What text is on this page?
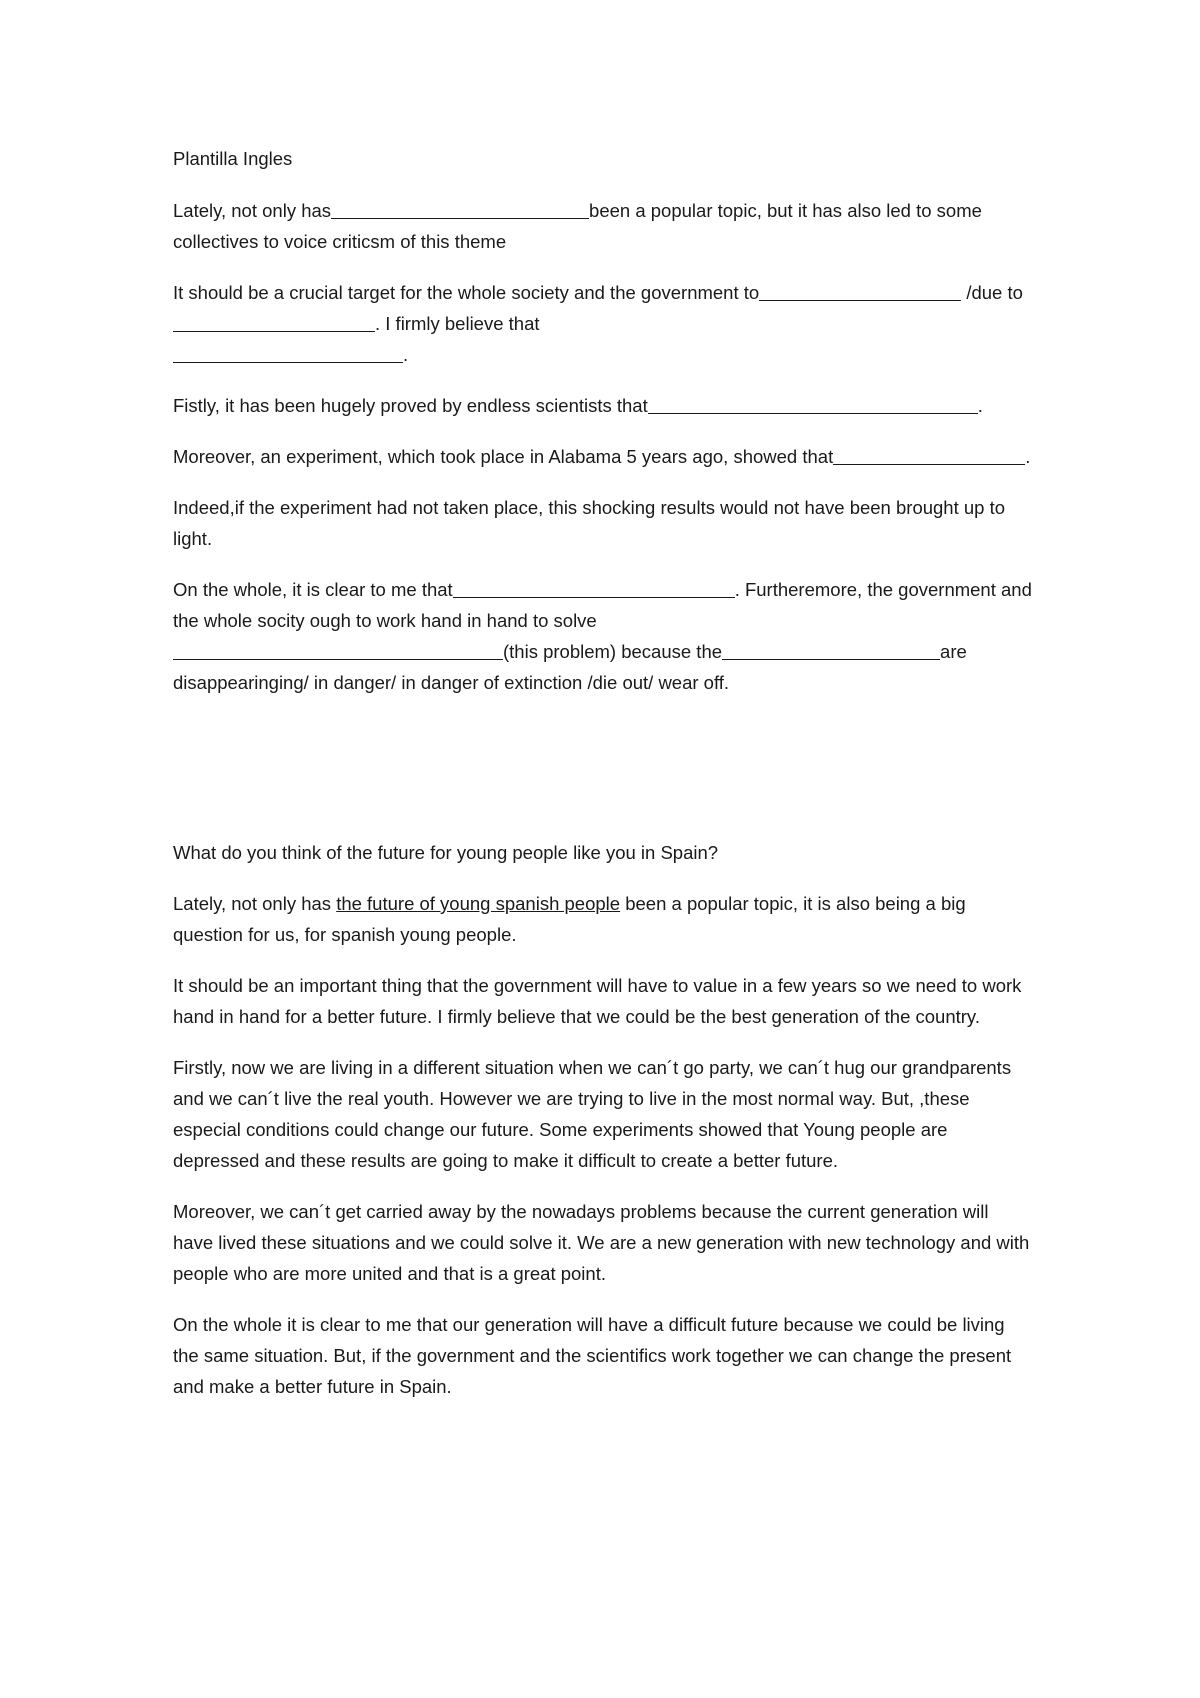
Plantilla Ingles

Lately, not only has	been a popular topic, but it has also led to some collectives to voice criticsm of this theme

It should be a crucial target for the whole society and the government to	/due to. I firmly believe that
.

Fistly, it has been hugely proved by endless scientists that	.

Moreover, an experiment, which took place in Alabama 5 years ago, showed that	.

Indeed,if the experiment had not taken place, this shocking results would not have been brought up to light.

On the whole, it is clear to me that	. Furtheremore, the government and the whole socity ough to work hand in hand to solve
(this problem) because the	are disappearinging/ in danger/ in danger of extinction /die out/ wear off.

What do you think of the future for young people like you in Spain?

Lately, not only has the future of young spanish people been a popular topic, it is also being a big question for us, for spanish young people.

It should be an important thing that the government will have to value in a few years so we need to work hand in hand for a better future. I firmly believe that we could be the best generation of the country.

Firstly, now we are living in a different situation when we can´t go party, we can´t hug our grandparents and we can´t live the real youth. However we are trying to live in the most normal way. But, ,these especial conditions could change our future. Some experiments showed that Young people are depressed and these results are going to make it difficult to create a better future.

Moreover, we can´t get carried away by the nowadays problems because the current generation will have lived these situations and we could solve it. We are a new generation with new technology and with people who are more united and that is a great point.

On the whole it is clear to me that our generation will have a difficult future because we could be living the same situation. But, if the government and the scientifics work together we can change the present and make a better future in Spain.
